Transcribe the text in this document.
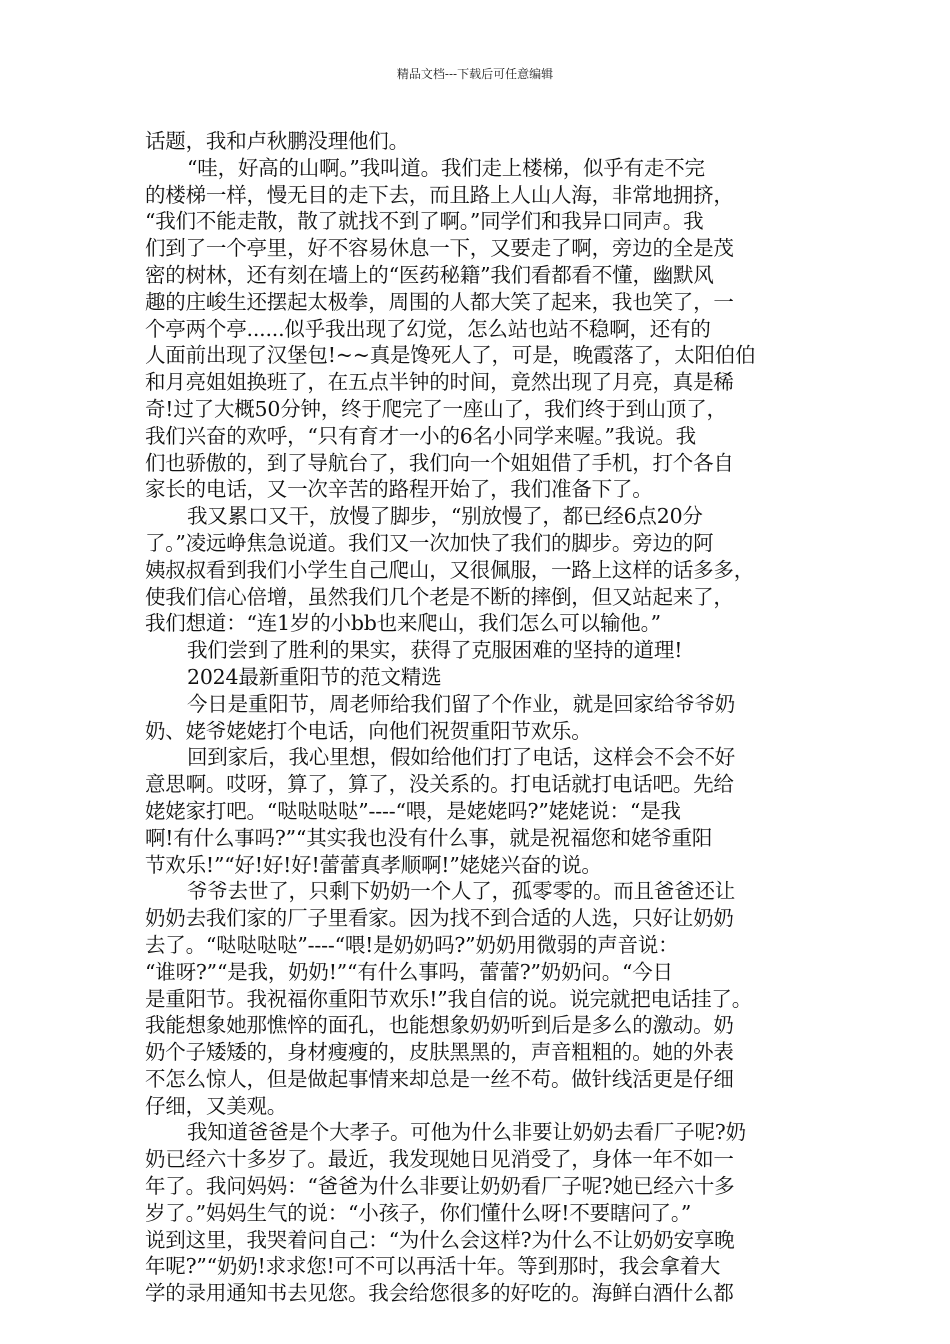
精品文档---下载后可任意编辑
话题，我和卢秋鹏没理他们。
“哇，好高的山啊。”我叫道。我们走上楼梯，似乎有走不完
的楼梯一样，慢无目的走下去，而且路上人山人海，非常地拥挤，
“我们不能走散，散了就找不到了啊。”同学们和我异口同声。我
们到了一个亭里，好不容易休息一下，又要走了啊，旁边的全是茂
密的树林，还有刻在墙上的“医药秘籍”我们看都看不懂，幽默风
趣的庄峻生还摆起太极拳，周围的人都大笑了起来，我也笑了，一
个亭两个亭......似乎我出现了幻觉，怎么站也站不稳啊，还有的
人面前出现了汉堡包!~~真是馋死人了，可是，晚霞落了，太阳伯伯
和月亮姐姐换班了，在五点半钟的时间，竟然出现了月亮，真是稀
奇!过了大概50分钟，终于爬完了一座山了，我们终于到山顶了，
我们兴奋的欢呼，“只有育才一小的6名小同学来喔。”我说。我
们也骄傲的，到了导航台了，我们向一个姐姐借了手机，打个各自
家长的电话，又一次辛苦的路程开始了，我们准备下了。
我又累口又干，放慢了脚步，“别放慢了，都已经6点20分
了。”凌远峥焦急说道。我们又一次加快了我们的脚步。旁边的阿
姨叔叔看到我们小学生自己爬山，又很佩服，一路上这样的话多多，
使我们信心倍增，虽然我们几个老是不断的摔倒，但又站起来了，
我们想道：“连1岁的小bb也来爬山，我们怎么可以输他。”
我们尝到了胜利的果实，获得了克服困难的坚持的道理!
2024最新重阳节的范文精选
今日是重阳节，周老师给我们留了个作业，就是回家给爷爷奶
奶、姥爷姥姥打个电话，向他们祝贺重阳节欢乐。
回到家后，我心里想，假如给他们打了电话，这样会不会不好
意思啊。哎呀，算了，算了，没关系的。打电话就打电话吧。先给
姥姥家打吧。“哒哒哒哒”----“喂，是姥姥吗?”姥姥说：“是我
啊!有什么事吗?”“其实我也没有什么事，就是祝福您和姥爷重阳
节欢乐!”“好!好!好!蕾蕾真孝顺啊!”姥姥兴奋的说。
爷爷去世了，只剩下奶奶一个人了，孤零零的。而且爸爸还让
奶奶去我们家的厂子里看家。因为找不到合适的人选，只好让奶奶
去了。“哒哒哒哒”----“喂!是奶奶吗?”奶奶用微弱的声音说：
“谁呀?”“是我，奶奶!”“有什么事吗，蕾蕾?”奶奶问。“今日
是重阳节。我祝福你重阳节欢乐!”我自信的说。说完就把电话挂了。
我能想象她那憔悴的面孔，也能想象奶奶听到后是多么的激动。奶
奶个子矮矮的，身材瘦瘦的，皮肤黑黑的，声音粗粗的。她的外表
不怎么惊人，但是做起事情来却总是一丝不苟。做针线活更是仔细
仔细，又美观。
我知道爸爸是个大孝子。可他为什么非要让奶奶去看厂子呢?奶
奶已经六十多岁了。最近，我发现她日见消受了，身体一年不如一
年了。我问妈妈：“爸爸为什么非要让奶奶看厂子呢?她已经六十多
岁了。”妈妈生气的说：“小孩子，你们懂什么呀!不要瞎问了。”
说到这里，我哭着问自己：“为什么会这样?为什么不让奶奶安享晚
年呢?”“奶奶!求求您!可不可以再活十年。等到那时，我会拿着大
学的录用通知书去见您。我会给您很多的好吃的。海鲜白酒什么都
